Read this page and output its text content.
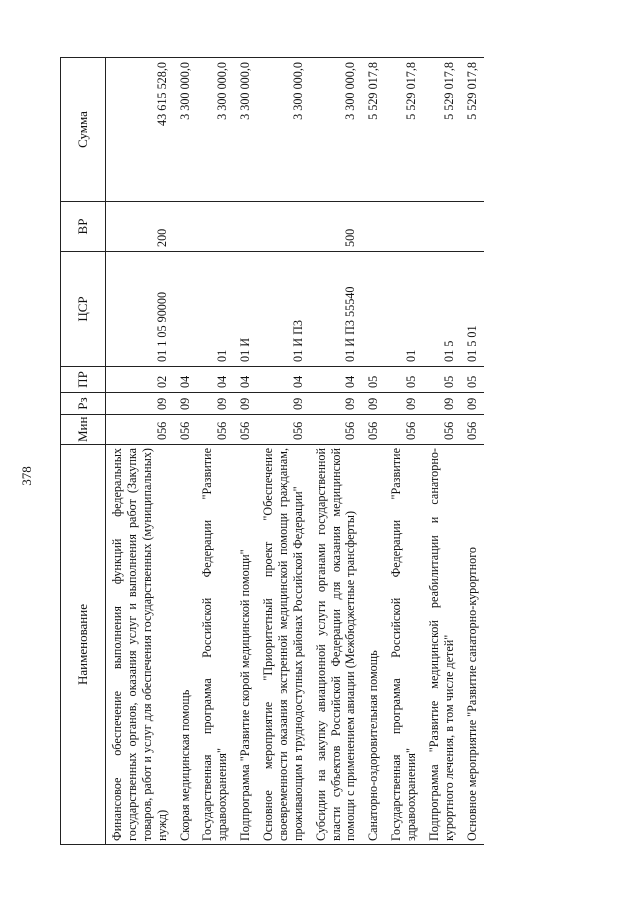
378
Наименование	Мин	Рз	ПР	ЦСР	ВР	Сумма
Финансовое обеспечение выполнения функций федеральных государственных органов, оказания услуг и выполнения работ (Закупка товаров, работ и услуг для обеспечения государственных (муниципальных) нужд)	056	09	02	01 1 05 90000	200	43 615 528,0
Скорая медицинская помощь	056	09	04			3 300 000,0
Государственная программа Российской Федерации "Развитие здравоохранения"	056	09	04	01		3 300 000,0
Подпрограмма "Развитие скорой медицинской помощи"	056	09	04	01 И		3 300 000,0
Основное мероприятие "Приоритетный проект "Обеспечение своевременности оказания экстренной медицинской помощи гражданам, проживающим в труднодоступных районах Российской Федерации"	056	09	04	01 И П3		3 300 000,0
Субсидии на закупку авиационной услуги органами государственной власти субъектов Российской Федерации для оказания медицинской помощи с применением авиации (Межбюджетные трансферты)	056	09	04	01 И П3 55540	500	3 300 000,0
Санаторно-оздоровительная помощь	056	09	05			5 529 017,8
Государственная программа Российской Федерации "Развитие здравоохранения"	056	09	05	01		5 529 017,8
Подпрограмма "Развитие медицинской реабилитации и санаторно-курортного лечения, в том числе детей"	056	09	05	01 5		5 529 017,8
Основное мероприятие "Развитие санаторно-курортного	056	09	05	01 5 01		5 529 017,8
